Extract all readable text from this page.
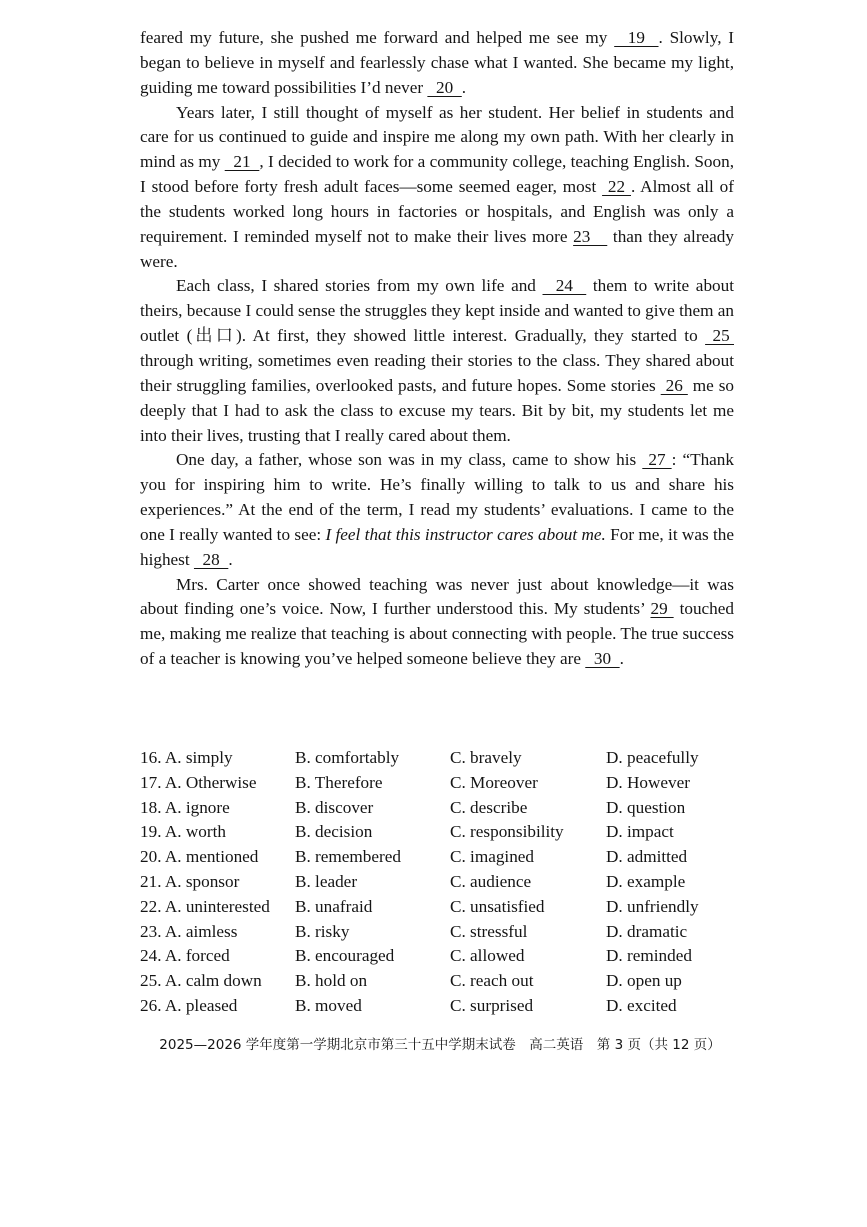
feared my future, she pushed me forward and helped me see my   19  . Slowly, I began to believe in myself and fearlessly chase what I wanted. She became my light, guiding me toward possibilities I’d never   20  .

Years later, I still thought of myself as her student. Her belief in students and care for us continued to guide and inspire me along my own path. With her clearly in mind as my   21  , I decided to work for a community college, teaching English. Soon, I stood before forty fresh adult faces—some seemed eager, most  22 . Almost all of the students worked long hours in factories or hospitals, and English was only a requirement. I reminded myself not to make their lives more 23    than they already were.

Each class, I shared stories from my own life and   24   them to write about theirs, because I could sense the struggles they kept inside and wanted to give them an outlet (出口). At first, they showed little interest. Gradually, they started to  25  through writing, sometimes even reading their stories to the class. They shared about their struggling families, overlooked pasts, and future hopes. Some stories  26  me so deeply that I had to ask the class to excuse my tears. Bit by bit, my students let me into their lives, trusting that I really cared about them.

One day, a father, whose son was in my class, came to show his  27 : “Thank you for inspiring him to write. He’s finally willing to talk to us and share his experiences.” At the end of the term, I read my students’ evaluations. I came to the one I really wanted to see: I feel that this instructor cares about me. For me, it was the highest   28  .

Mrs. Carter once showed teaching was never just about knowledge—it was about finding one’s voice. Now, I further understood this. My students’ 29  touched me, making me realize that teaching is about connecting with people. The true success of a teacher is knowing you’ve helped someone believe they are   30  .

16. A. simply	B. comfortably	C. bravely	D. peacefully
17. A. Otherwise	B. Therefore	C. Moreover	D. However
18. A. ignore	B. discover	C. describe	D. question
19. A. worth	B. decision	C. responsibility	D. impact
20. A. mentioned	B. remembered	C. imagined	D. admitted
21. A. sponsor	B. leader	C. audience	D. example
22. A. uninterested	B. unafraid	C. unsatisfied	D. unfriendly
23. A. aimless	B. risky	C. stressful	D. dramatic
24. A. forced	B. encouraged	C. allowed	D. reminded
25. A. calm down	B. hold on	C. reach out	D. open up
26. A. pleased	B. moved	C. surprised	D. excited
2025—2026 学年度第一学期北京市第三十五中学期末试卷　高二英语　第 3 页（共 12 页）
